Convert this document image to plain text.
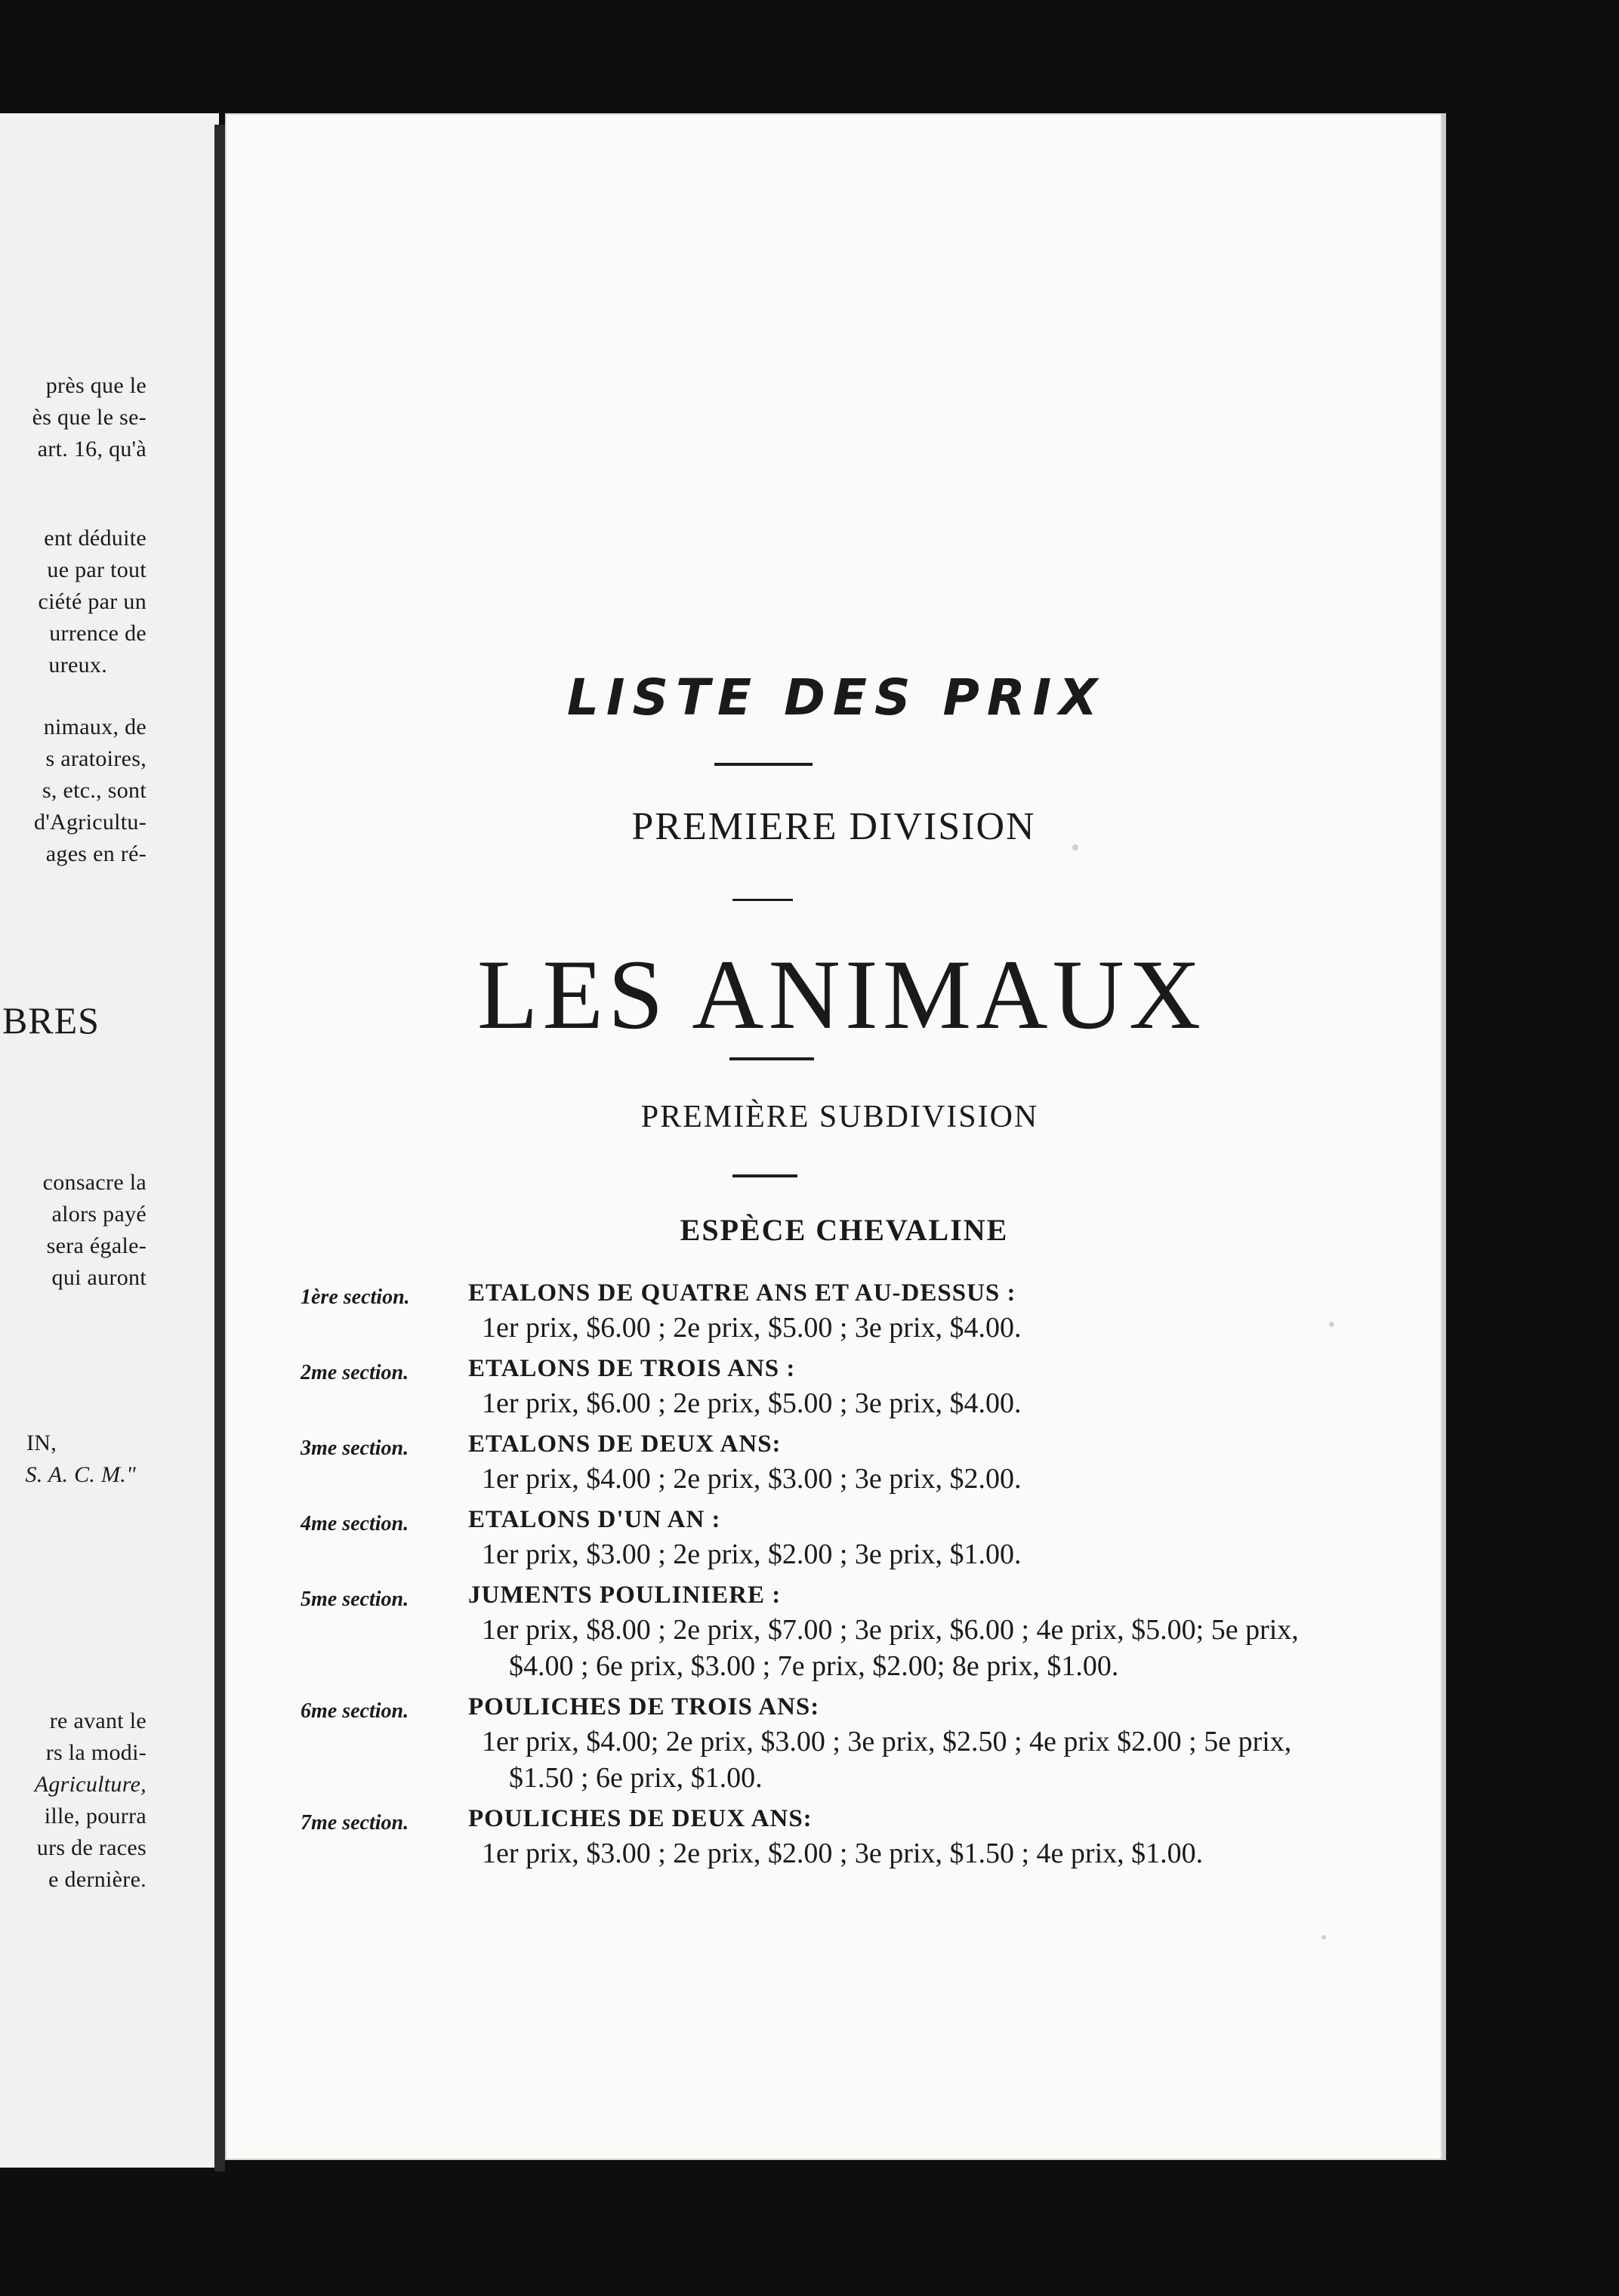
près que le
ès que le se-
art. 16, qu'à
ent déduite
ue par tout
ciété par un
urrence de
ureux.
nimaux, de
s aratoires,
s, etc., sont
d'Agricultu-
ages en ré-
BRES
consacre la
alors payé
sera égale-
qui auront
IN,
S. A. C. M."
re avant le
rs la modi-
Agriculture,
ille, pourra
urs de races
e dernière.
LISTE DES PRIX
PREMIERE DIVISION
LES ANIMAUX
PREMIÈRE SUBDIVISION
ESPÈCE CHEVALINE
1ère section.	ETALONS DE QUATRE ANS ET AU-DESSUS :
1er prix, $6.00 ; 2e prix, $5.00 ; 3e prix, $4.00.
2me section.	ETALONS DE TROIS ANS :
1er prix, $6.00 ; 2e prix, $5.00 ; 3e prix, $4.00.
3me section.	ETALONS DE DEUX ANS:
1er prix, $4.00 ; 2e prix, $3.00 ; 3e prix, $2.00.
4me section.	ETALONS D'UN AN :
1er prix, $3.00 ; 2e prix, $2.00 ; 3e prix, $1.00.
5me section.	JUMENTS POULINIERE :
1er prix, $8.00 ; 2e prix, $7.00 ; 3e prix, $6.00 ; 4e prix, $5.00; 5e prix, $4.00 ; 6e prix, $3.00 ; 7e prix, $2.00; 8e prix, $1.00.
6me section.	POULICHES DE TROIS ANS:
1er prix, $4.00; 2e prix, $3.00 ; 3e prix, $2.50 ; 4e prix $2.00 ; 5e prix, $1.50 ; 6e prix, $1.00.
7me section.	POULICHES DE DEUX ANS:
1er prix, $3.00 ; 2e prix, $2.00 ; 3e prix, $1.50 ; 4e prix, $1.00.
